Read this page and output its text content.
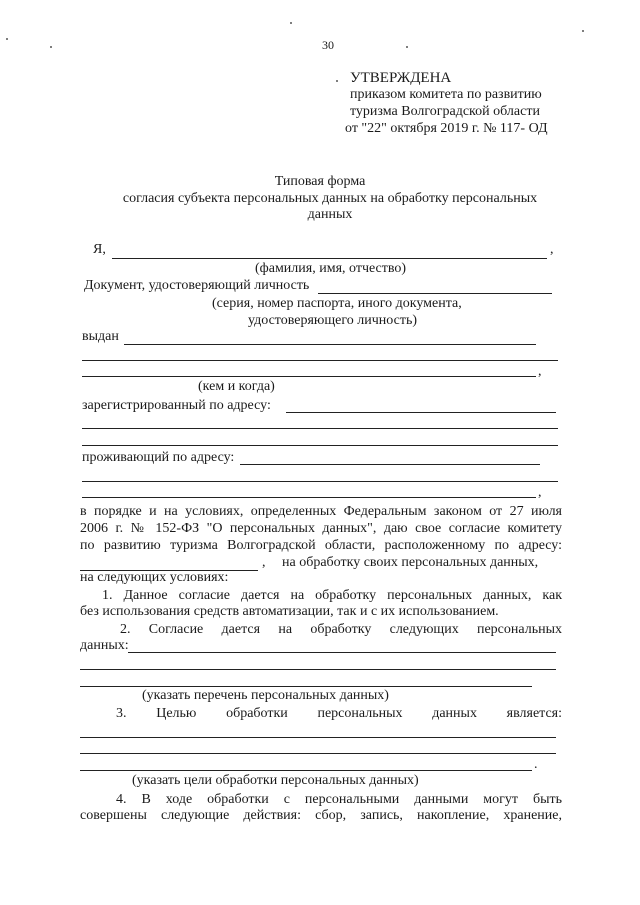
30
УТВЕРЖДЕНА
приказом комитета по развитию
туризма Волгоградской области
от "22" октября 2019 г. № 117- ОД
Типовая форма
согласия субъекта персональных данных на обработку персональных
данных
Я,	,
(фамилия, имя, отчество)
Документ, удостоверяющий личность
(серия, номер паспорта, иного документа,
удостоверяющего личность)
выдан
,
(кем и когда)
зарегистрированный по адресу:
проживающий по адресу:
,
в порядке и на условиях, определенных Федеральным законом от 27 июля
2006 г. № 152-ФЗ "О персональных данных", даю свое согласие комитету
по развитию туризма Волгоградской области, расположенному по адресу:
, на обработку своих персональных данных,
на следующих условиях:
1. Данное согласие дается на обработку персональных данных, как
без использования средств автоматизации, так и с их использованием.
2. Согласие дается на обработку следующих персональных
данных:
(указать перечень персональных данных)
3. Целью обработки персональных данных является:
.
(указать цели обработки персональных данных)
4. В ходе обработки с персональными данными могут быть
совершены следующие действия: сбор, запись, накопление, хранение,
